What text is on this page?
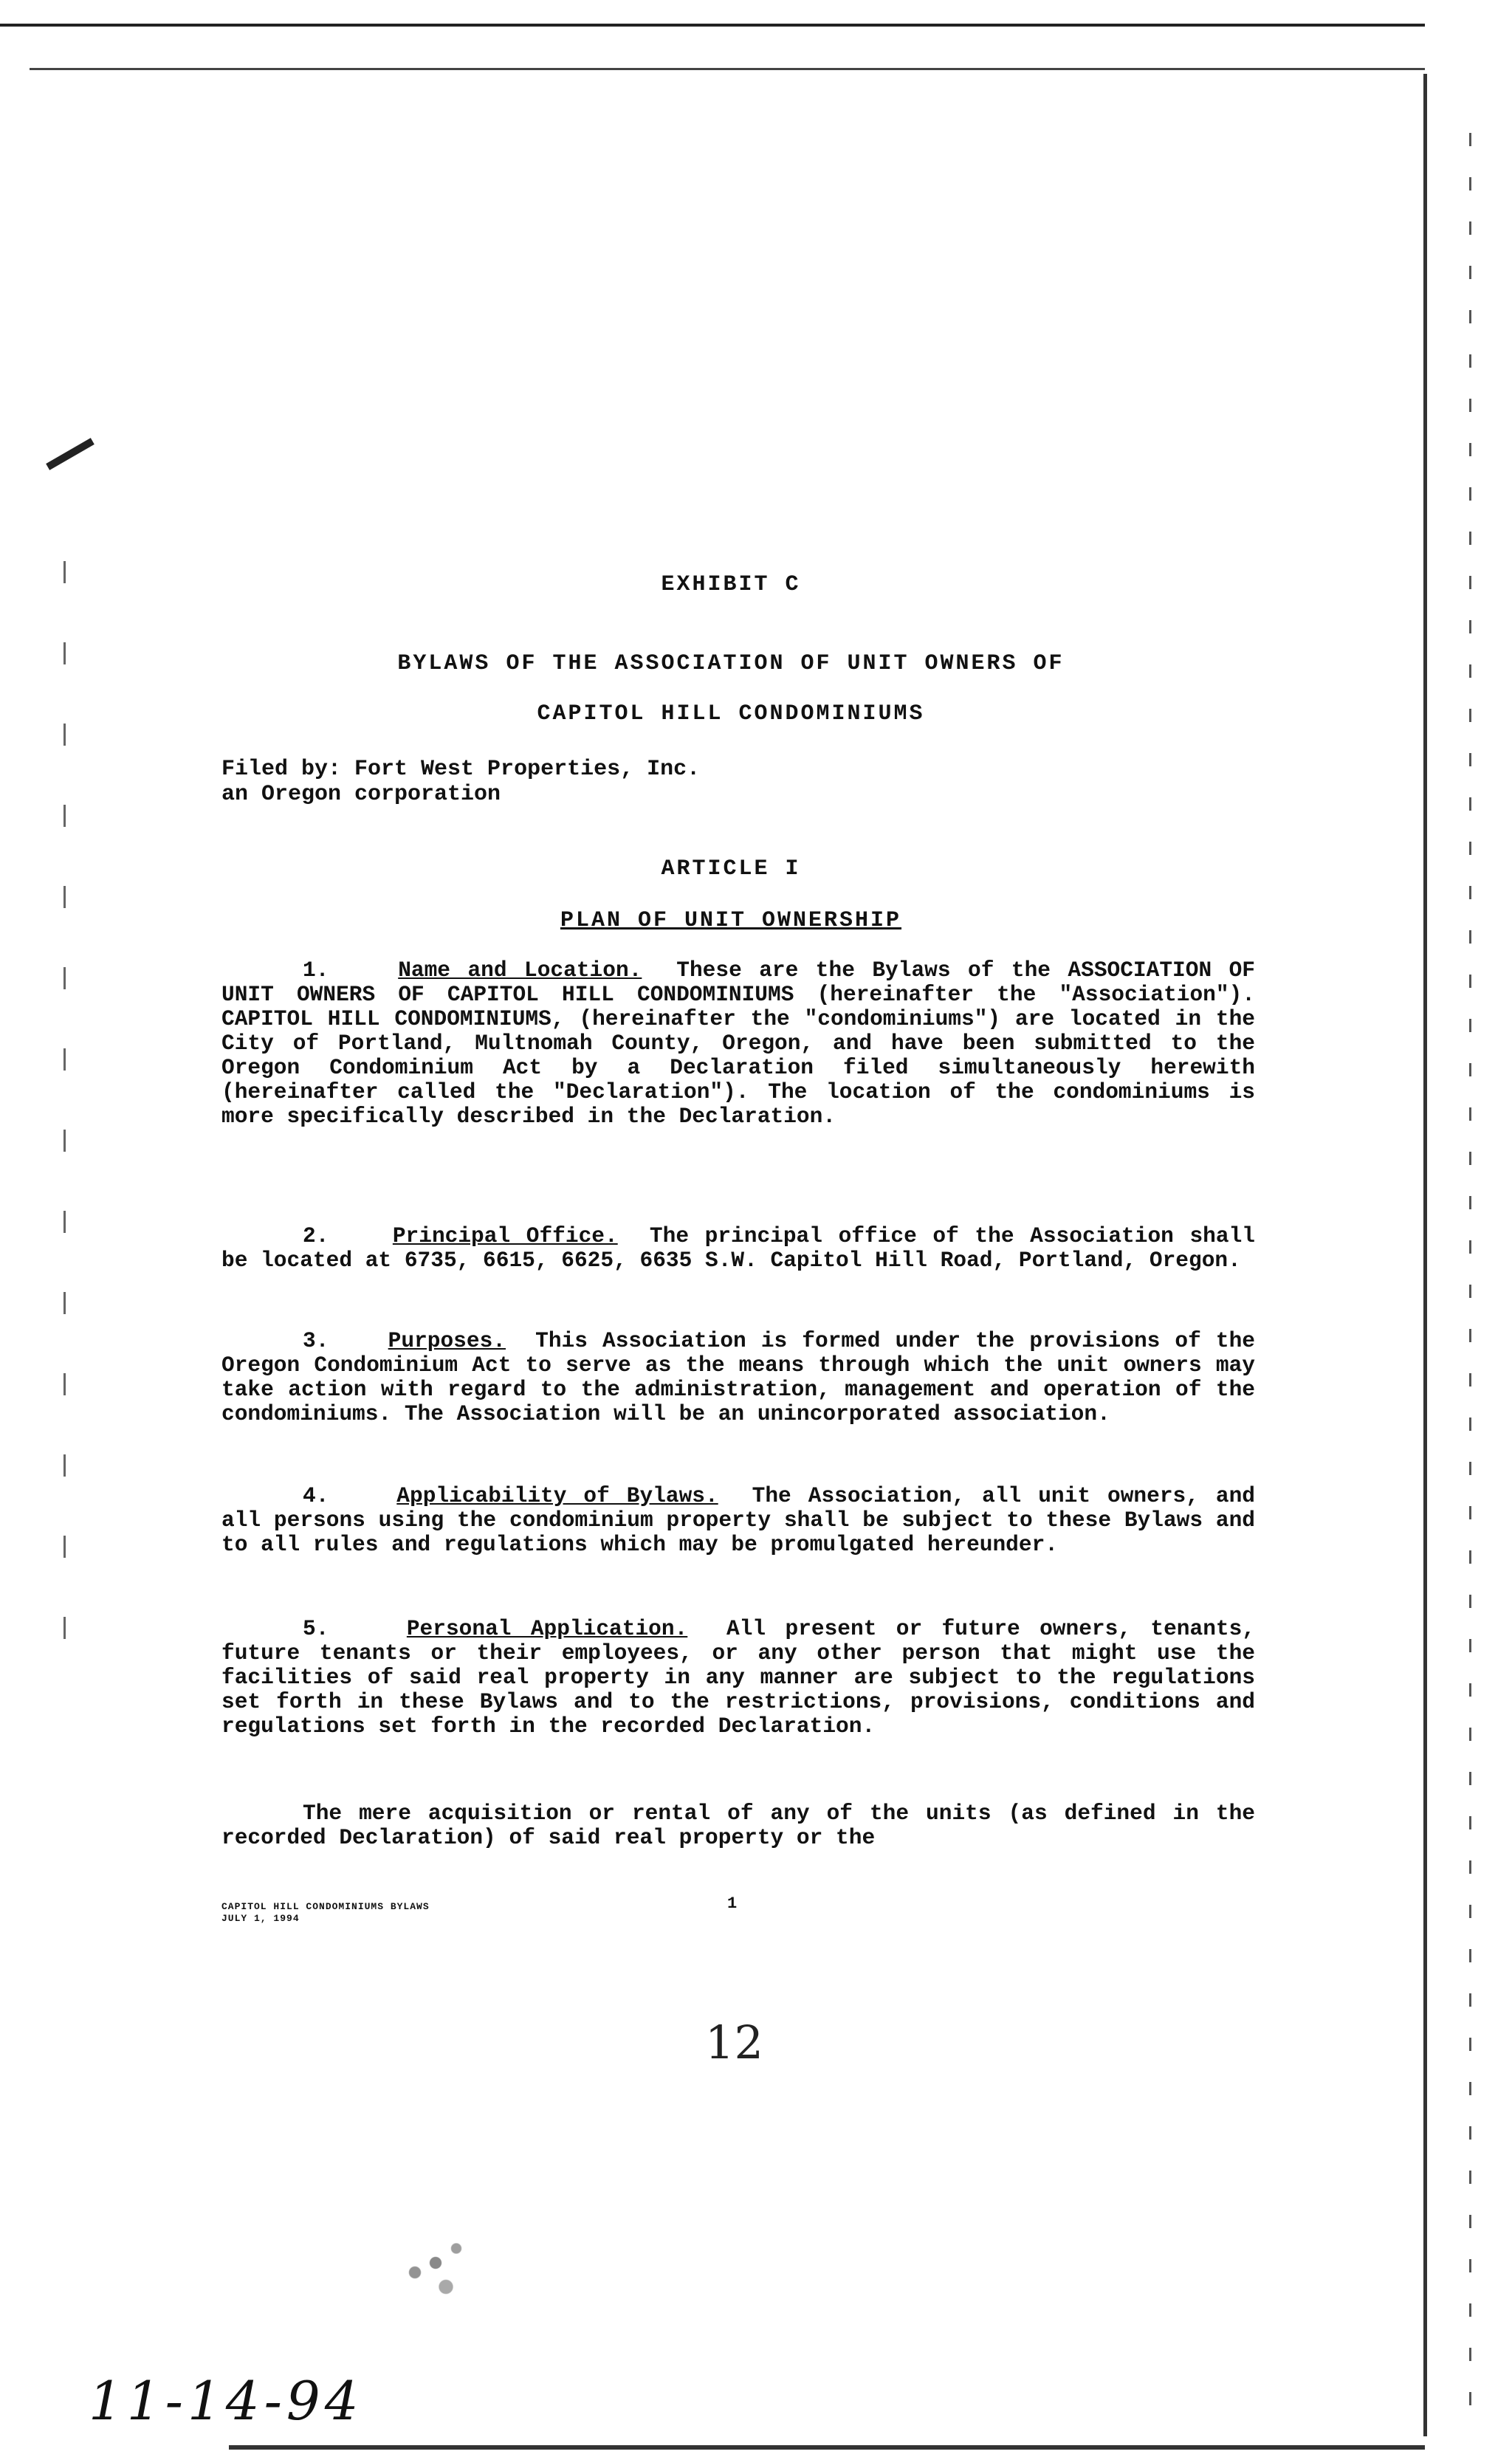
EXHIBIT C
BYLAWS OF THE ASSOCIATION OF UNIT OWNERS OF
CAPITOL HILL CONDOMINIUMS
Filed by: Fort West Properties, Inc.
an Oregon corporation
ARTICLE I
PLAN OF UNIT OWNERSHIP

1.	Name and Location. These are the Bylaws of the ASSOCIATION OF UNIT OWNERS OF CAPITOL HILL CONDOMINIUMS (hereinafter the "Association"). CAPITOL HILL CONDOMINIUMS, (hereinafter the "condominiums") are located in the City of Portland, Multnomah County, Oregon, and have been submitted to the Oregon Condominium Act by a Declaration filed simultaneously herewith (hereinafter called the "Declaration"). The location of the condominiums is more specifically described in the Declaration.

2.	Principal Office. The principal office of the Association shall be located at 6735, 6615, 6625, 6635 S.W. Capitol Hill Road, Portland, Oregon.

3.	Purposes. This Association is formed under the provisions of the Oregon Condominium Act to serve as the means through which the unit owners may take action with regard to the administration, management and operation of the condominiums. The Association will be an unincorporated association.

4.	Applicability of Bylaws. The Association, all unit owners, and all persons using the condominium property shall be subject to these Bylaws and to all rules and regulations which may be promulgated hereunder.

5.	Personal Application. All present or future owners, tenants, future tenants or their employees, or any other person that might use the facilities of said real property in any manner are subject to the regulations set forth in these Bylaws and to the restrictions, provisions, conditions and regulations set forth in the recorded Declaration.

The mere acquisition or rental of any of the units (as defined in the recorded Declaration) of said real property or the

CAPITOL HILL CONDOMINIUMS BYLAWS
JULY 1, 1994
1
12
11-14-94
